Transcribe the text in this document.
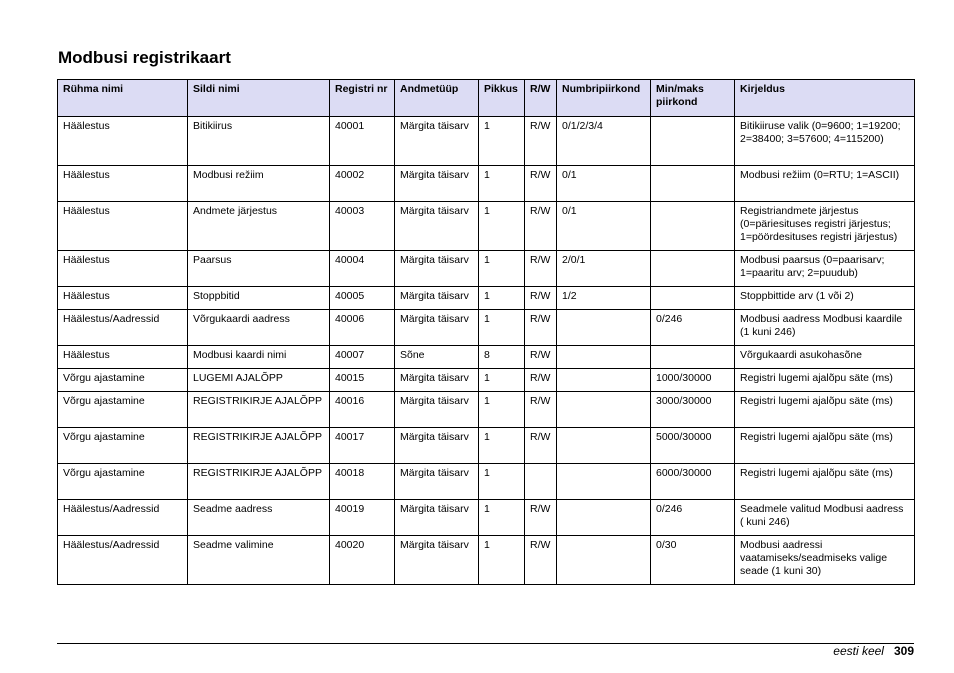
Modbusi registrikaart
Rühma nimi	Sildi nimi	Registri nr	Andmetüüp	Pikkus	R/W	Numbripiirkond	Min/maks piirkond	Kirjeldus
Häälestus	Bitikiirus	40001	Märgita täisarv	1	R/W	0/1/2/3/4		Bitikiiruse valik (0=9600; 1=19200; 2=38400; 3=57600; 4=115200)
Häälestus	Modbusi režiim	40002	Märgita täisarv	1	R/W	0/1		Modbusi režiim (0=RTU; 1=ASCII)
Häälestus	Andmete järjestus	40003	Märgita täisarv	1	R/W	0/1		Registriandmete järjestus (0=päriesituses registri järjestus; 1=pöördesituses registri järjestus)
Häälestus	Paarsus	40004	Märgita täisarv	1	R/W	2/0/1		Modbusi paarsus (0=paarisarv; 1=paaritu arv; 2=puudub)
Häälestus	Stoppbitid	40005	Märgita täisarv	1	R/W	1/2		Stoppbittide arv (1 või 2)
Häälestus/Aadressid	Võrgukaardi aadress	40006	Märgita täisarv	1	R/W		0/246	Modbusi aadress Modbusi kaardile (1 kuni 246)
Häälestus	Modbusi kaardi nimi	40007	Sõne	8	R/W			Võrgukaardi asukohasõne
Võrgu ajastamine	LUGEMI AJALÕPP	40015	Märgita täisarv	1	R/W		1000/30000	Registri lugemi ajalõpu säte (ms)
Võrgu ajastamine	REGISTRIKIRJE AJALÕPP	40016	Märgita täisarv	1	R/W		3000/30000	Registri lugemi ajalõpu säte (ms)
Võrgu ajastamine	REGISTRIKIRJE AJALÕPP	40017	Märgita täisarv	1	R/W		5000/30000	Registri lugemi ajalõpu säte (ms)
Võrgu ajastamine	REGISTRIKIRJE AJALÕPP	40018	Märgita täisarv	1			6000/30000	Registri lugemi ajalõpu säte (ms)
Häälestus/Aadressid	Seadme aadress	40019	Märgita täisarv	1	R/W		0/246	Seadmele valitud Modbusi aadress ( kuni 246)
Häälestus/Aadressid	Seadme valimine	40020	Märgita täisarv	1	R/W		0/30	Modbusi aadressi vaatamiseks/seadmiseks valige seade (1 kuni 30)
eesti keel 309
